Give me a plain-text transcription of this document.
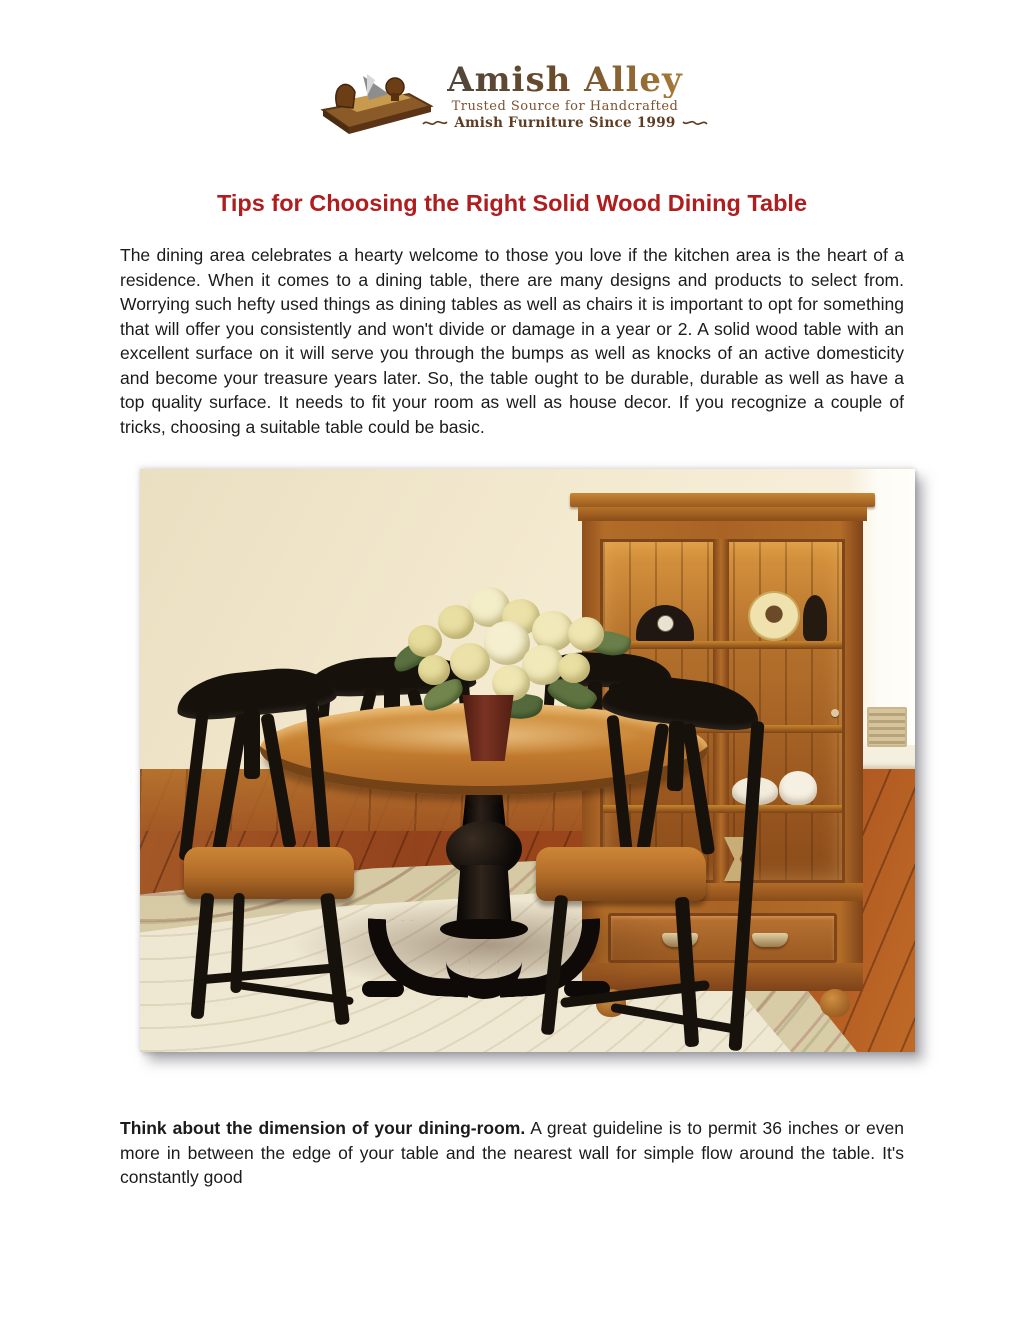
Amish Alley
Trusted Source for Handcrafted
Amish Furniture Since 1999
Tips for Choosing the Right Solid Wood Dining Table

The dining area celebrates a hearty welcome to those you love if the kitchen area is the heart of a residence. When it comes to a dining table, there are many designs and products to select from. Worrying such hefty used things as dining tables as well as chairs it is important to opt for something that will offer you consistently and won't divide or damage in a year or 2. A solid wood table with an excellent surface on it will serve you through the bumps as well as knocks of an active domesticity and become your treasure years later. So, the table ought to be durable, durable as well as have a top quality surface. It needs to fit your room as well as house decor. If you recognize a couple of tricks, choosing a suitable table could be basic.

Think about the dimension of your dining-room. A great guideline is to permit 36 inches or even more in between the edge of your table and the nearest wall for simple flow around the table. It's constantly good
